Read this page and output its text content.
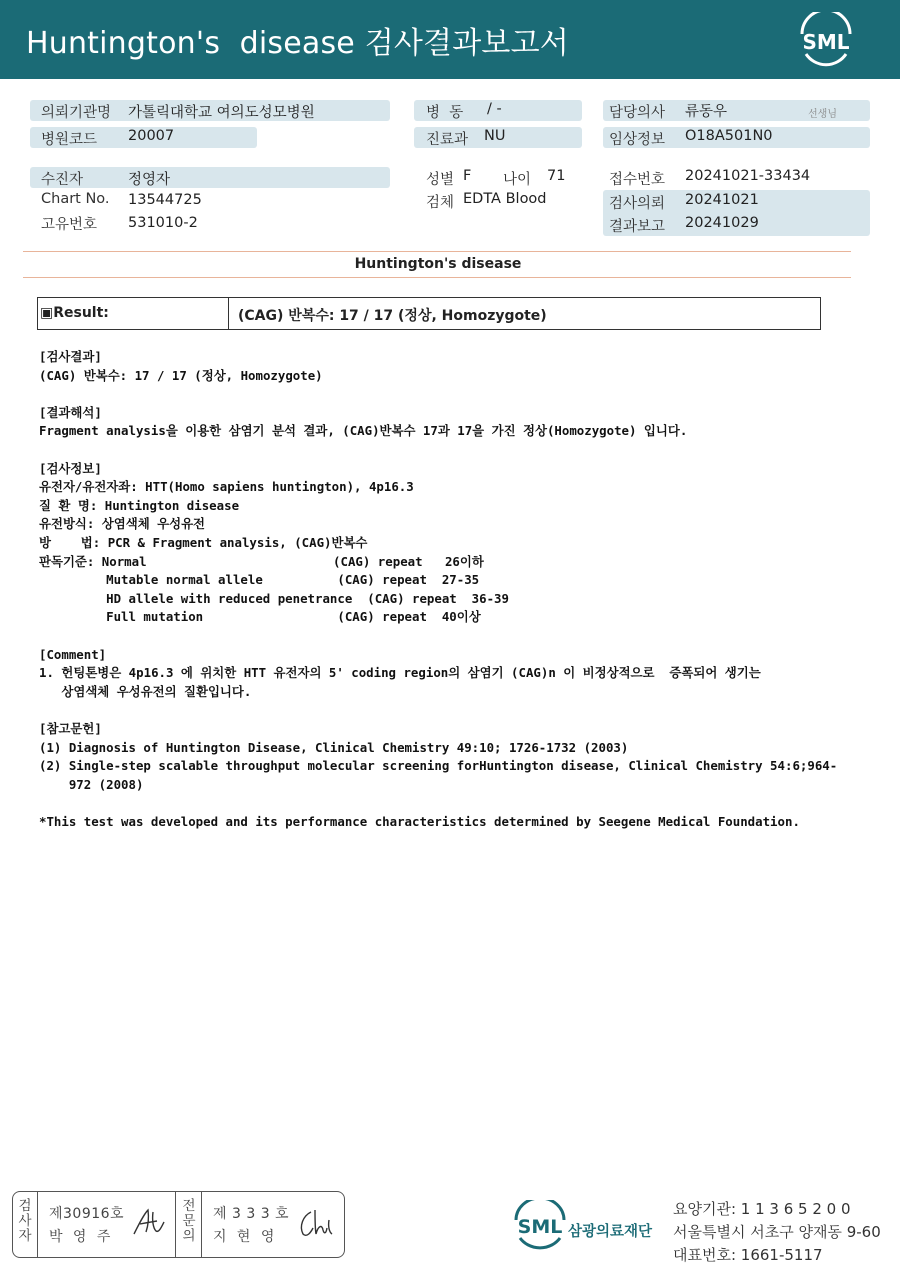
Huntington's  disease 검사결과보고서	SML
의뢰기관명 가톨릭대학교 여의도성모병원
병원코드 20007
수진자	정영자
Chart No. 13544725
고유번호 531010-2
병  동 / -
진료과 NU
성별 F 나이 71
검체 EDTA Blood
담당의사 류동우	선생님
임상정보 O18A501N0
접수번호 20241021-33434
검사의뢰 20241021
결과보고 20241029
Huntington's disease
▣Result:	(CAG) 반복수: 17 / 17 (정상, Homozygote)
[검사결과]
(CAG) 반복수: 17 / 17 (정상, Homozygote)
[결과해석]
Fragment analysis을 이용한 삼염기 분석 결과, (CAG)반복수 17과 17을 가진 정상(Homozygote) 입니다.
[검사정보]
유전자/유전자좌: HTT(Homo sapiens huntington), 4p16.3
질 환 명: Huntington disease
유전방식: 상염색체 우성유전
방    법: PCR & Fragment analysis, (CAG)반복수
판독기준: Normal                         (CAG) repeat   26이하
Mutable normal allele          (CAG) repeat  27-35
HD allele with reduced penetrance  (CAG) repeat  36-39
Full mutation                  (CAG) repeat  40이상
[Comment]
1. 헌팅톤병은 4p16.3 에 위치한 HTT 유전자의 5' coding region의 삼염기 (CAG)n 이 비정상적으로  증폭되어 생기는
상염색체 우성유전의 질환입니다.
[참고문헌]
(1) Diagnosis of Huntington Disease, Clinical Chemistry 49:10; 1726-1732 (2003)
(2) Single-step scalable throughput molecular screening forHuntington disease, Clinical Chemistry 54:6;964-
972 (2008)
*This test was developed and its performance characteristics determined by Seegene Medical Foundation.
검
사
자
제30916호
박  영  주
전
문
의
제 3 3 3 호
지  현  영	SML 삼광의료재단
요양기관: 1 1 3 6 5 2 0 0
서울특별시 서초구 양재동 9-60
대표번호: 1661-5117
